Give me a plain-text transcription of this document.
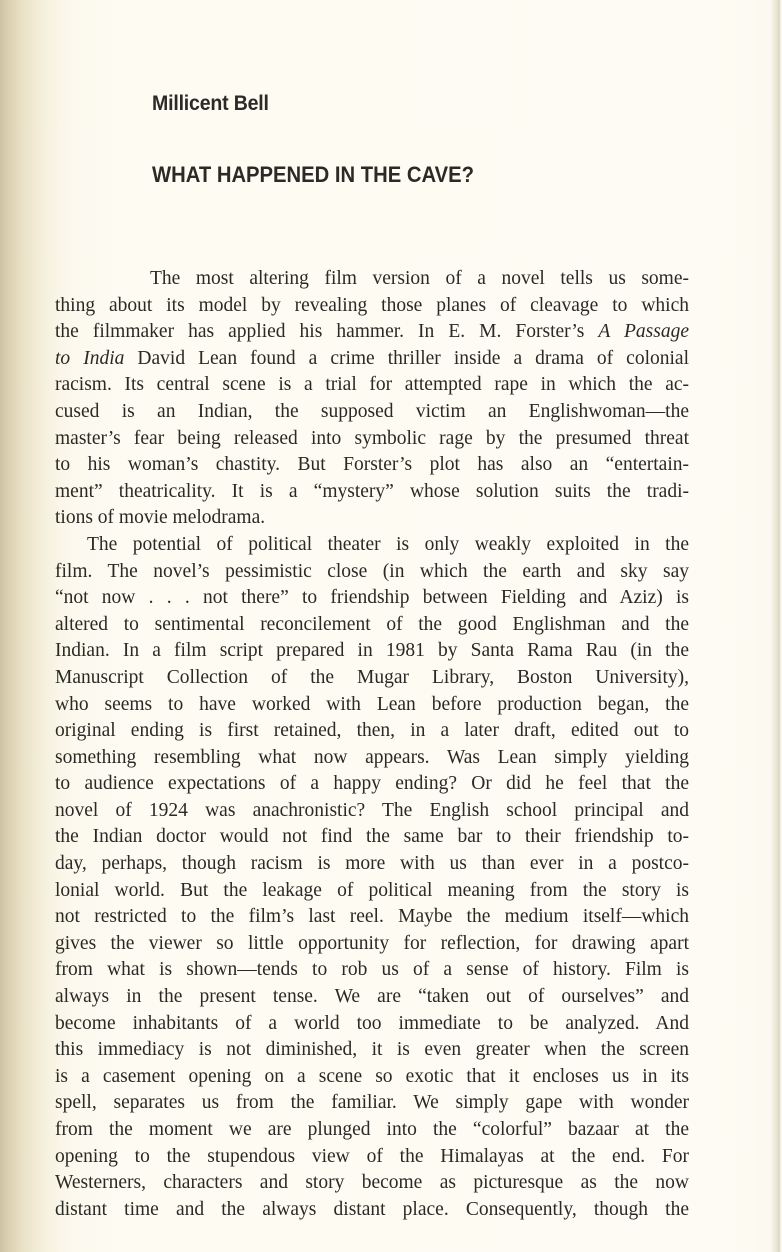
Millicent Bell
WHAT HAPPENED IN THE CAVE?
The most altering film version of a novel tells us some-
thing about its model by revealing those planes of cleavage to which
the filmmaker has applied his hammer. In E. M. Forster’s A Passage
to India David Lean found a crime thriller inside a drama of colonial
racism. Its central scene is a trial for attempted rape in which the ac-
cused is an Indian, the supposed victim an Englishwoman—the
master’s fear being released into symbolic rage by the presumed threat
to his woman’s chastity. But Forster’s plot has also an “entertain-
ment” theatricality. It is a “mystery” whose solution suits the tradi-
tions of movie melodrama.
The potential of political theater is only weakly exploited in the
film. The novel’s pessimistic close (in which the earth and sky say
“not now . . . not there” to friendship between Fielding and Aziz) is
altered to sentimental reconcilement of the good Englishman and the
Indian. In a film script prepared in 1981 by Santa Rama Rau (in the
Manuscript Collection of the Mugar Library, Boston University),
who seems to have worked with Lean before production began, the
original ending is first retained, then, in a later draft, edited out to
something resembling what now appears. Was Lean simply yielding
to audience expectations of a happy ending? Or did he feel that the
novel of 1924 was anachronistic? The English school principal and
the Indian doctor would not find the same bar to their friendship to-
day, perhaps, though racism is more with us than ever in a postco-
lonial world. But the leakage of political meaning from the story is
not restricted to the film’s last reel. Maybe the medium itself—which
gives the viewer so little opportunity for reflection, for drawing apart
from what is shown—tends to rob us of a sense of history. Film is
always in the present tense. We are “taken out of ourselves” and
become inhabitants of a world too immediate to be analyzed. And
this immediacy is not diminished, it is even greater when the screen
is a casement opening on a scene so exotic that it encloses us in its
spell, separates us from the familiar. We simply gape with wonder
from the moment we are plunged into the “colorful” bazaar at the
opening to the stupendous view of the Himalayas at the end. For
Westerners, characters and story become as picturesque as the now
distant time and the always distant place. Consequently, though the
